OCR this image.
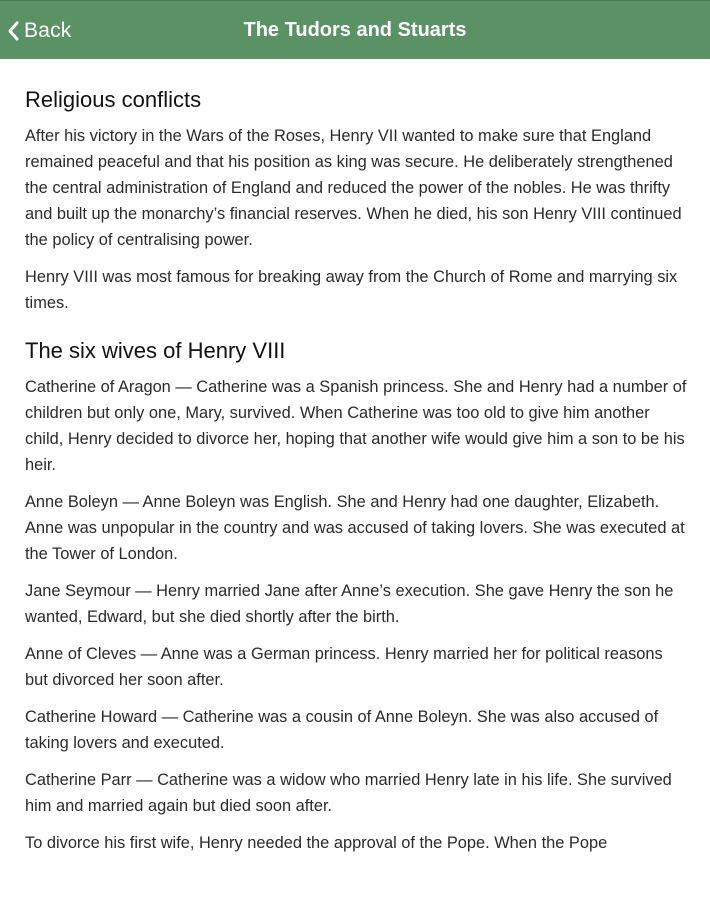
Back	The Tudors and Stuarts
Religious conflicts

After his victory in the Wars of the Roses, Henry VII wanted to make sure that England remained peaceful and that his position as king was secure. He deliberately strengthened the central administration of England and reduced the power of the nobles. He was thrifty and built up the monarchy’s financial reserves. When he died, his son Henry VIII continued the policy of centralising power.

Henry VIII was most famous for breaking away from the Church of Rome and marrying six times.

The six wives of Henry VIII

Catherine of Aragon — Catherine was a Spanish princess. She and Henry had a number of children but only one, Mary, survived. When Catherine was too old to give him another child, Henry decided to divorce her, hoping that another wife would give him a son to be his heir.

Anne Boleyn — Anne Boleyn was English. She and Henry had one daughter, Elizabeth. Anne was unpopular in the country and was accused of taking lovers. She was executed at the Tower of London.

Jane Seymour — Henry married Jane after Anne’s execution. She gave Henry the son he wanted, Edward, but she died shortly after the birth.

Anne of Cleves — Anne was a German princess. Henry married her for political reasons but divorced her soon after.

Catherine Howard — Catherine was a cousin of Anne Boleyn. She was also accused of taking lovers and executed.

Catherine Parr — Catherine was a widow who married Henry late in his life. She survived him and married again but died soon after.

To divorce his first wife, Henry needed the approval of the Pope. When the Pope
